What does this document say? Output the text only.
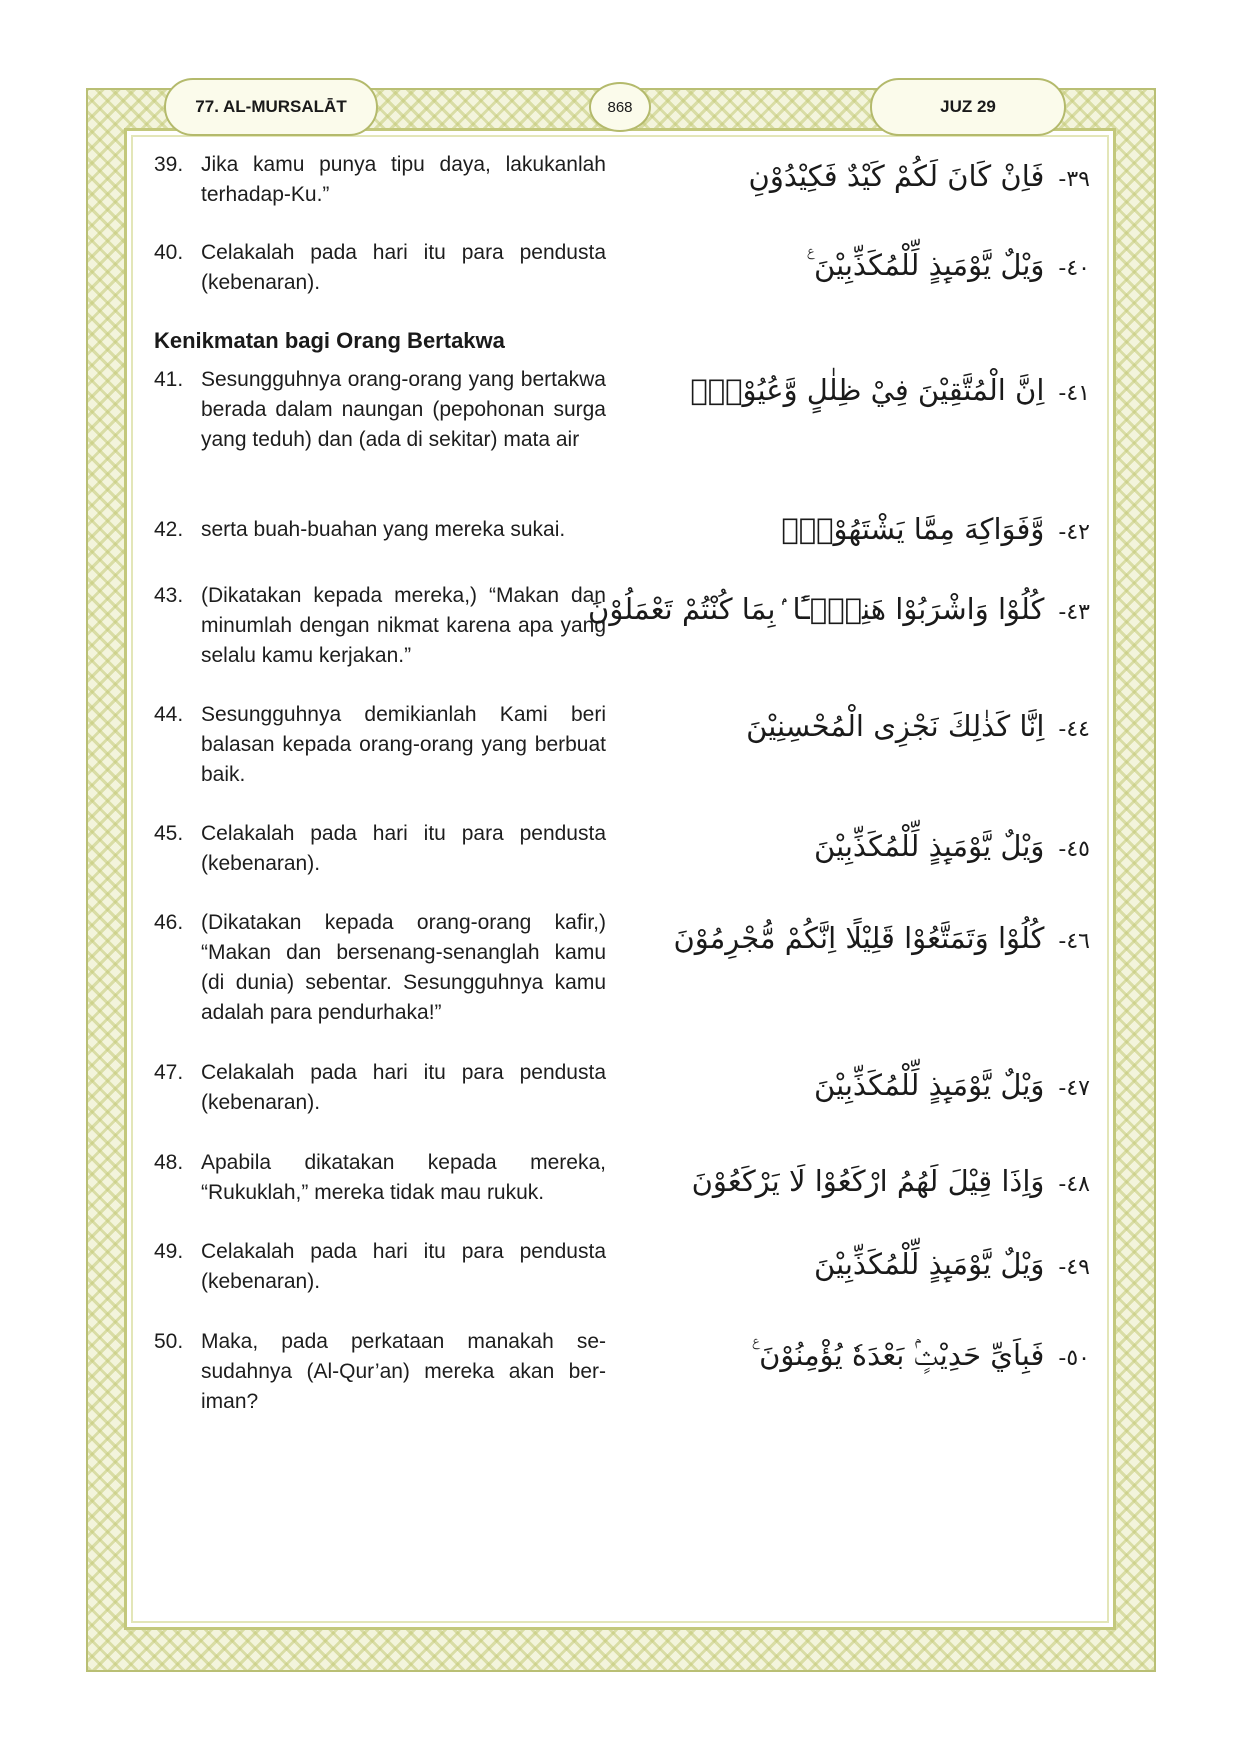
77. AL-MURSALĀT	868	JUZ 29
Kenikmatan bagi Orang Bertakwa
39. Jika kamu punya tipu daya, lakukanlah terhadap-Ku.”
40. Celakalah pada hari itu para pendusta (kebenaran).
41. Sesungguhnya orang-orang yang bertakwa berada dalam naungan (pepohonan surga yang teduh) dan (ada di sekitar) mata air
42. serta buah-buahan yang mereka sukai.
43. (Dikatakan kepada mereka,) “Makan dan minumlah dengan nikmat karena apa yang selalu kamu kerjakan.”
44. Sesungguhnya demikianlah Kami beri balasan kepada orang-orang yang berbuat baik.
45. Celakalah pada hari itu para pendusta (kebenaran).
46. (Dikatakan kepada orang-orang kafir,) “Makan dan bersenang-senanglah kamu (di dunia) sebentar. Sesungguhnya kamu adalah para pendurhaka!”
47. Celakalah pada hari itu para pendusta (kebenaran).
48. Apabila dikatakan kepada mereka, “Rukuklah,” mereka tidak mau rukuk.
49. Celakalah pada hari itu para pendusta (kebenaran).
50. Maka, pada perkataan manakah sesudahnya (Al-Qur’an) mereka akan beriman?
٣٩-فَاِنْ كَانَ لَكُمْ كَيْدٌ فَكِيْدُوْنِ
٤٠-وَيْلٌ يَّوْمَىِٕذٍ لِّلْمُكَذِّبِيْنَ ࣖ
٤١-اِنَّ الْمُتَّقِيْنَ فِيْ ظِلٰلٍ وَّعُيُوْنٍۙ
٤٢-وَّفَوَاكِهَ مِمَّا يَشْتَهُوْنَۗ
٤٣-كُلُوْا وَاشْرَبُوْا هَنِيْۤـًٔا ۢبِمَا كُنْتُمْ تَعْمَلُوْنَ
٤٤-اِنَّا كَذٰلِكَ نَجْزِى الْمُحْسِنِيْنَ
٤٥-وَيْلٌ يَّوْمَىِٕذٍ لِّلْمُكَذِّبِيْنَ
٤٦-كُلُوْا وَتَمَتَّعُوْا قَلِيْلًا اِنَّكُمْ مُّجْرِمُوْنَ
٤٧-وَيْلٌ يَّوْمَىِٕذٍ لِّلْمُكَذِّبِيْنَ
٤٨-وَاِذَا قِيْلَ لَهُمُ ارْكَعُوْا لَا يَرْكَعُوْنَ
٤٩-وَيْلٌ يَّوْمَىِٕذٍ لِّلْمُكَذِّبِيْنَ
٥٠-فَبِاَيِّ حَدِيْثٍۢ بَعْدَهٗ يُؤْمِنُوْنَ ࣖ
